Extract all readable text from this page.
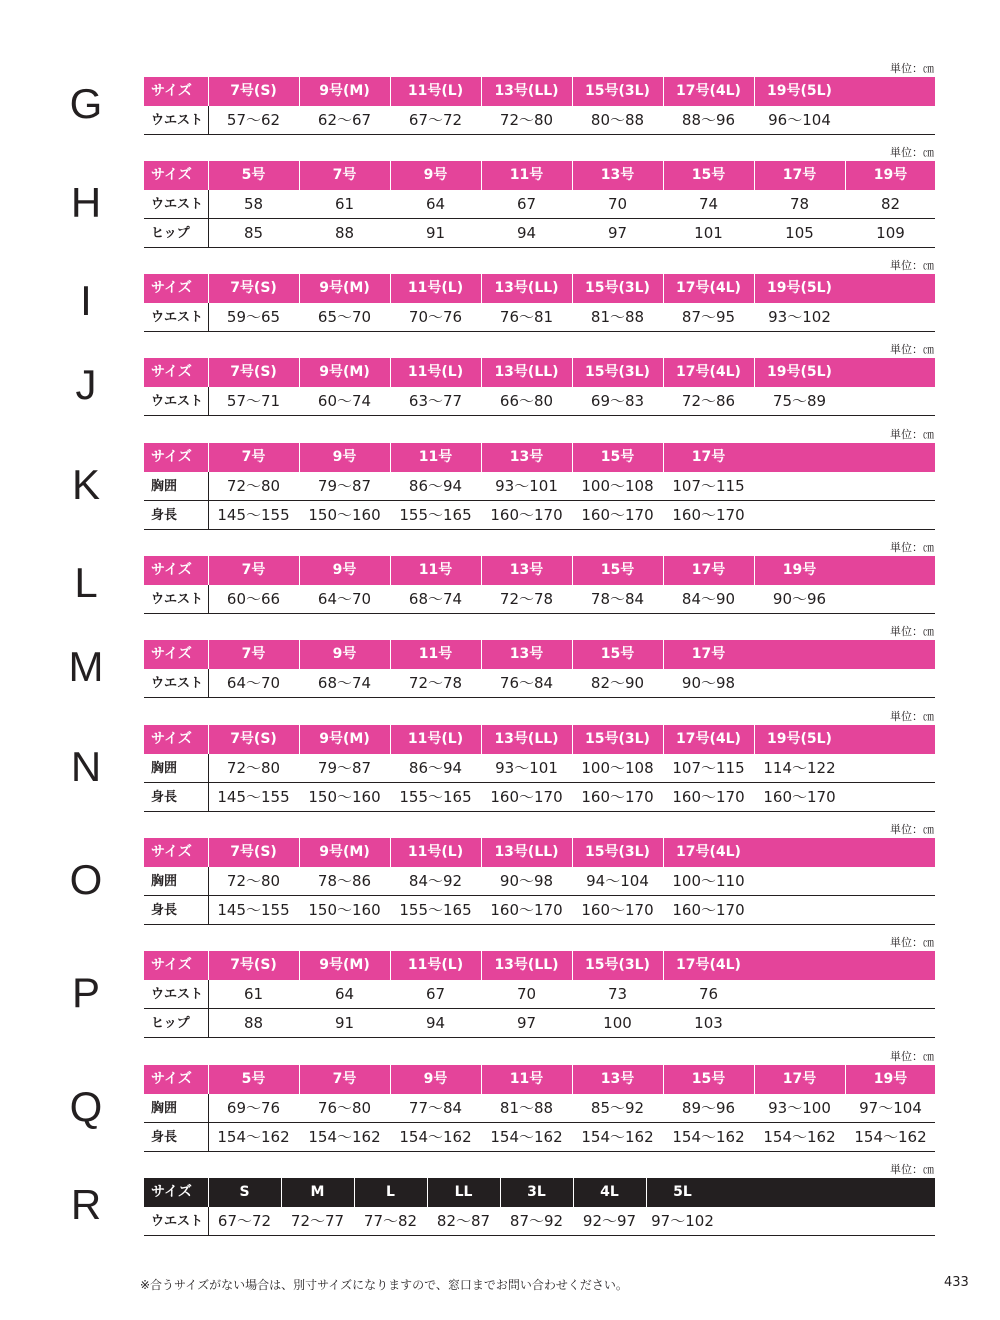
単位：㎝
G	サイズ	7号(S)	9号(M)	11号(L)	13号(LL)	15号(3L)	17号(4L)	19号(5L)
ウエスト	57〜62	62〜67	67〜72	72〜80	80〜88	88〜96	96〜104
単位：㎝
H
サイズ	5号	7号	9号	11号	13号	15号	17号	19号
ウエスト	58	61	64	67	70	74	78	82
ヒップ	85	88	91	94	97	101	105	109
単位：㎝
I	サイズ	7号(S)	9号(M)	11号(L)	13号(LL)	15号(3L)	17号(4L)	19号(5L)
ウエスト	59〜65	65〜70	70〜76	76〜81	81〜88	87〜95	93〜102
単位：㎝
J	サイズ	7号(S)	9号(M)	11号(L)	13号(LL)	15号(3L)	17号(4L)	19号(5L)
ウエスト	57〜71	60〜74	63〜77	66〜80	69〜83	72〜86	75〜89
単位：㎝
K
サイズ	7号	9号	11号	13号	15号	17号
胸囲	72〜80	79〜87	86〜94	93〜101	100〜108	107〜115
身長	145〜155	150〜160	155〜165	160〜170	160〜170	160〜170
単位：㎝
L	サイズ	7号	9号	11号	13号	15号	17号	19号
ウエスト	60〜66	64〜70	68〜74	72〜78	78〜84	84〜90	90〜96
単位：㎝
M	サイズ	7号	9号	11号	13号	15号	17号
ウエスト	64〜70	68〜74	72〜78	76〜84	82〜90	90〜98
単位：㎝
N
サイズ	7号(S)	9号(M)	11号(L)	13号(LL)	15号(3L)	17号(4L)	19号(5L)
胸囲	72〜80	79〜87	86〜94	93〜101	100〜108	107〜115	114〜122
身長	145〜155	150〜160	155〜165	160〜170	160〜170	160〜170	160〜170
単位：㎝
O
サイズ	7号(S)	9号(M)	11号(L)	13号(LL)	15号(3L)	17号(4L)
胸囲	72〜80	78〜86	84〜92	90〜98	94〜104	100〜110
身長	145〜155	150〜160	155〜165	160〜170	160〜170	160〜170
単位：㎝
P
サイズ	7号(S)	9号(M)	11号(L)	13号(LL)	15号(3L)	17号(4L)
ウエスト	61	64	67	70	73	76
ヒップ	88	91	94	97	100	103
単位：㎝
Q
サイズ	5号	7号	9号	11号	13号	15号	17号	19号
胸囲	69〜76	76〜80	77〜84	81〜88	85〜92	89〜96	93〜100	97〜104
身長	154〜162	154〜162	154〜162	154〜162	154〜162	154〜162	154〜162	154〜162
単位：㎝
R	サイズ	S	M	L	LL	3L	4L	5L
ウエスト 67〜72	72〜77	77〜82	82〜87	87〜92	92〜97	97〜102
※合うサイズがない場合は、別寸サイズになりますので、窓口までお問い合わせください。	433
